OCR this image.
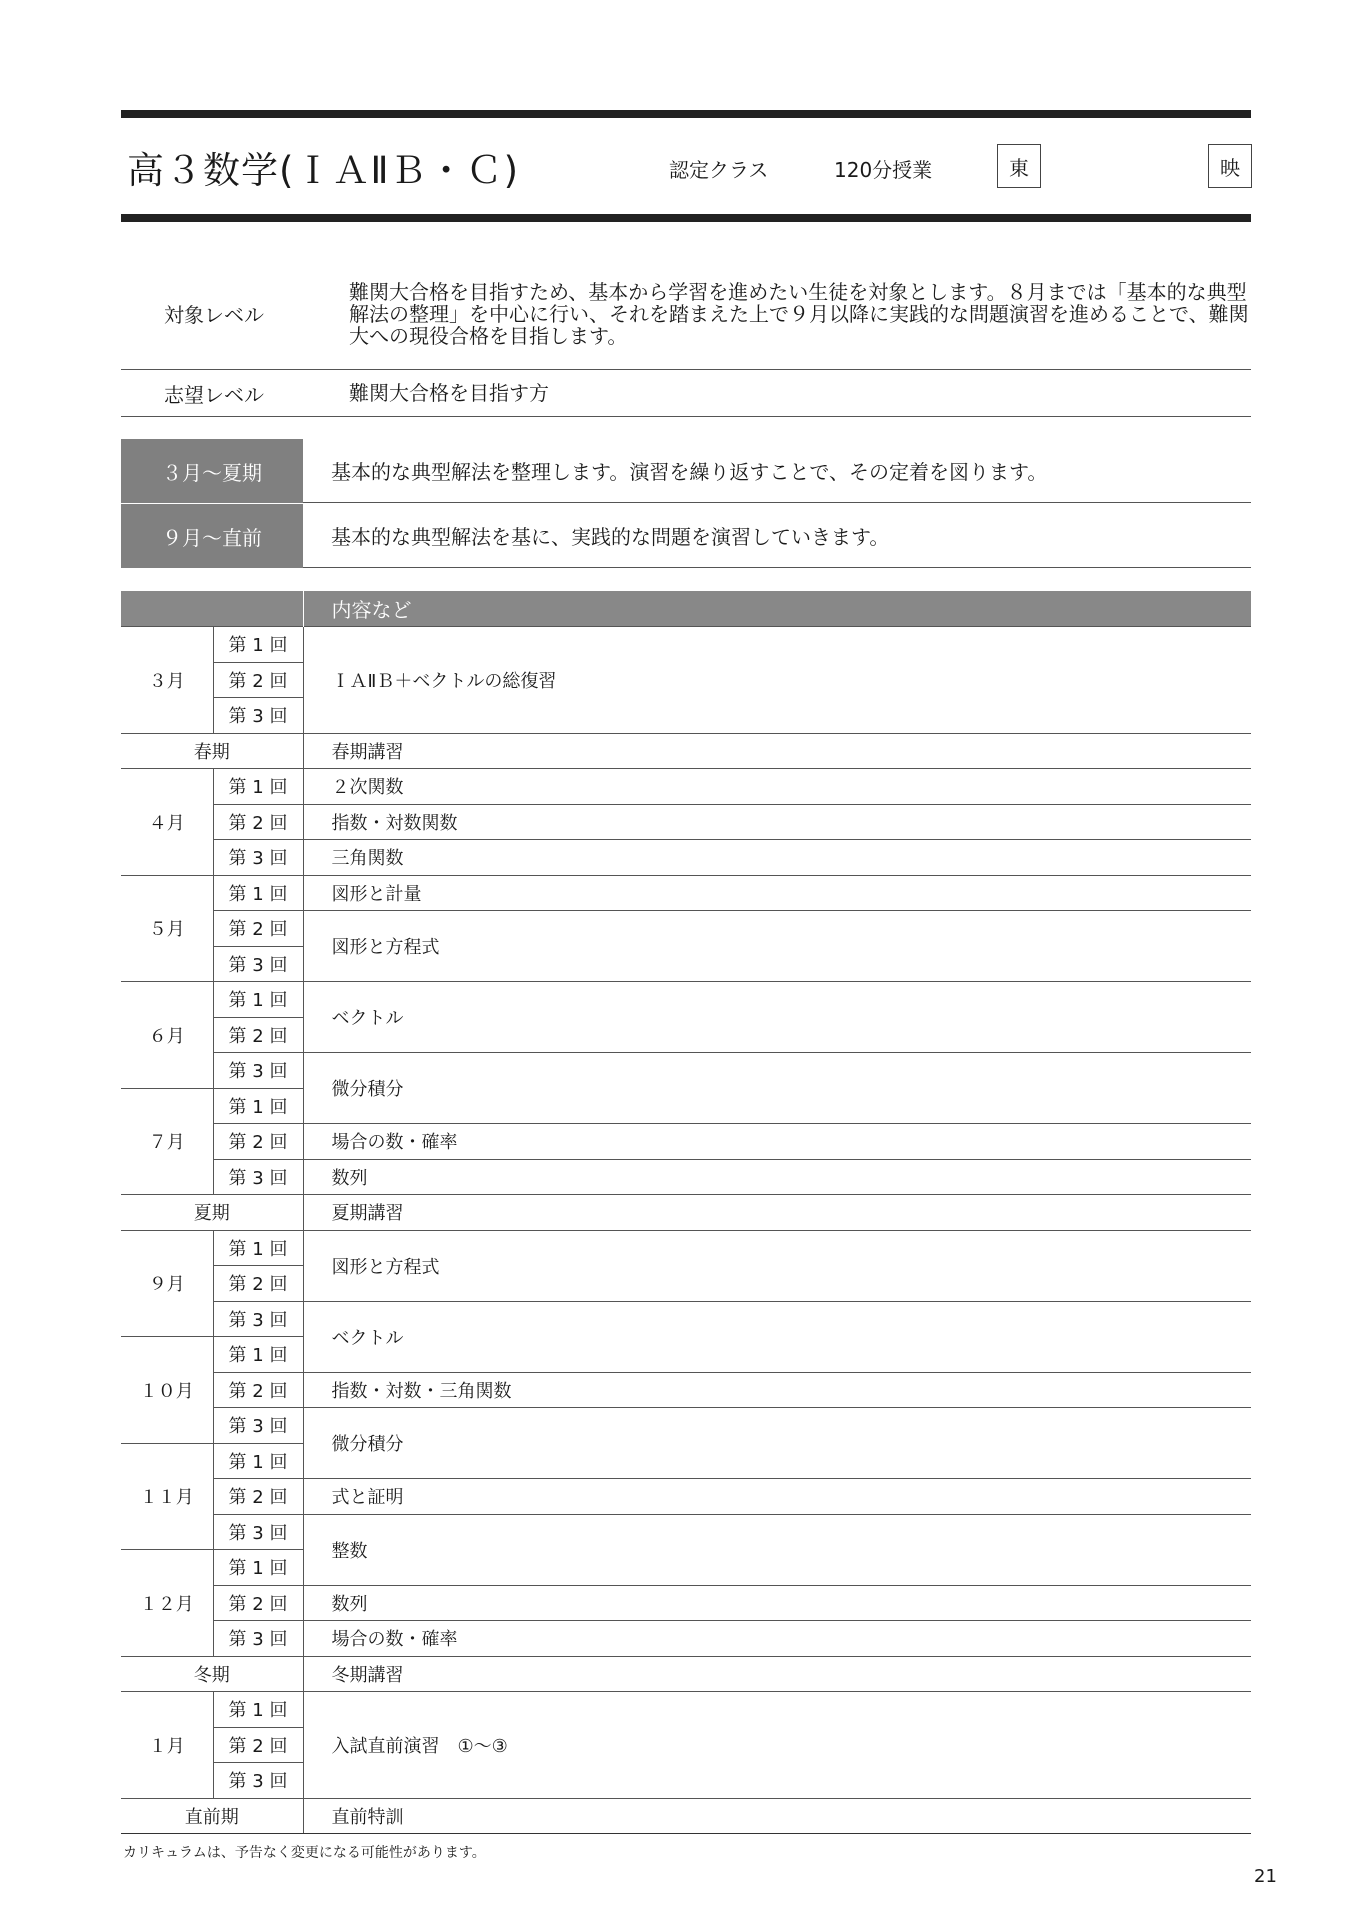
高３数学(ＩＡⅡＢ・Ｃ)	認定クラス	120分授業	東	映
対象レベル
難関大合格を目指すため、基本から学習を進めたい生徒を対象とします。８月までは「基本的な典型解法の整理」を中心に行い、それを踏まえた上で９月以降に実践的な問題演習を進めることで、難関大への現役合格を目指します。
志望レベル	難関大合格を目指す方
３月～夏期	基本的な典型解法を整理します。演習を繰り返すことで、その定着を図ります。
９月～直前	基本的な典型解法を基に、実践的な問題を演習していきます。
		内容など
３月	第 1 回	ＩＡⅡＢ＋ベクトルの総復習
	第 2 回	
	第 3 回	
春期		春期講習
４月	第 1 回	２次関数
	第 2 回	指数・対数関数
	第 3 回	三角関数
５月	第 1 回	図形と計量
	第 2 回	図形と方程式
	第 3 回	
６月	第 1 回	ベクトル
	第 2 回	
	第 3 回	微分積分
７月	第 1 回	
	第 2 回	場合の数・確率
	第 3 回	数列
夏期		夏期講習
９月	第 1 回	図形と方程式
	第 2 回	
	第 3 回	ベクトル
１０月	第 1 回	
	第 2 回	指数・対数・三角関数
	第 3 回	微分積分
１１月	第 1 回	
	第 2 回	式と証明
	第 3 回	整数
１２月	第 1 回	
	第 2 回	数列
	第 3 回	場合の数・確率
冬期		冬期講習
１月	第 1 回	入試直前演習　①～③
	第 2 回	
	第 3 回	
直前期		直前特訓
カリキュラムは、予告なく変更になる可能性があります。
21
